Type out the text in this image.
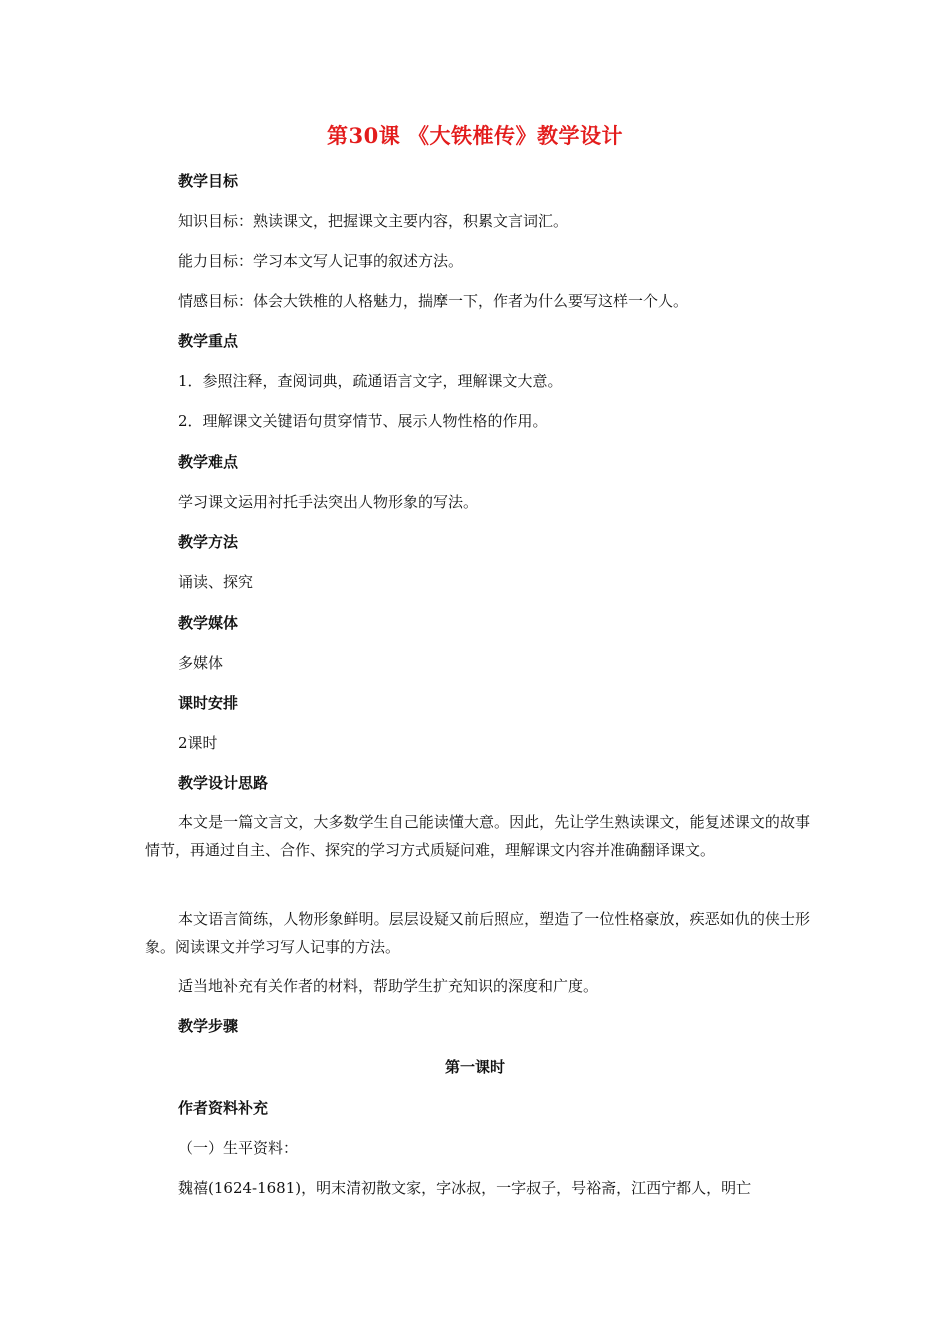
第30课 《大铁椎传》教学设计
教学目标
知识目标：熟读课文，把握课文主要内容，积累文言词汇。
能力目标：学习本文写人记事的叙述方法。
情感目标：体会大铁椎的人格魅力，揣摩一下，作者为什么要写这样一个人。
教学重点
1．参照注释，查阅词典，疏通语言文字，理解课文大意。
2．理解课文关键语句贯穿情节、展示人物性格的作用。
教学难点
学习课文运用衬托手法突出人物形象的写法。
教学方法
诵读、探究
教学媒体
多媒体
课时安排
2课时
教学设计思路
本文是一篇文言文，大多数学生自己能读懂大意。因此，先让学生熟读课文，能复述课文的故事情节，再通过自主、合作、探究的学习方式质疑问难，理解课文内容并准确翻译课文。
本文语言简练，人物形象鲜明。层层设疑又前后照应，塑造了一位性格豪放，疾恶如仇的侠士形象。阅读课文并学习写人记事的方法。
适当地补充有关作者的材料，帮助学生扩充知识的深度和广度。
教学步骤
第一课时
作者资料补充
（一）生平资料：
魏禧(1624-1681)，明末清初散文家，字冰叔，一字叔子，号裕斋，江西宁都人，明亡
